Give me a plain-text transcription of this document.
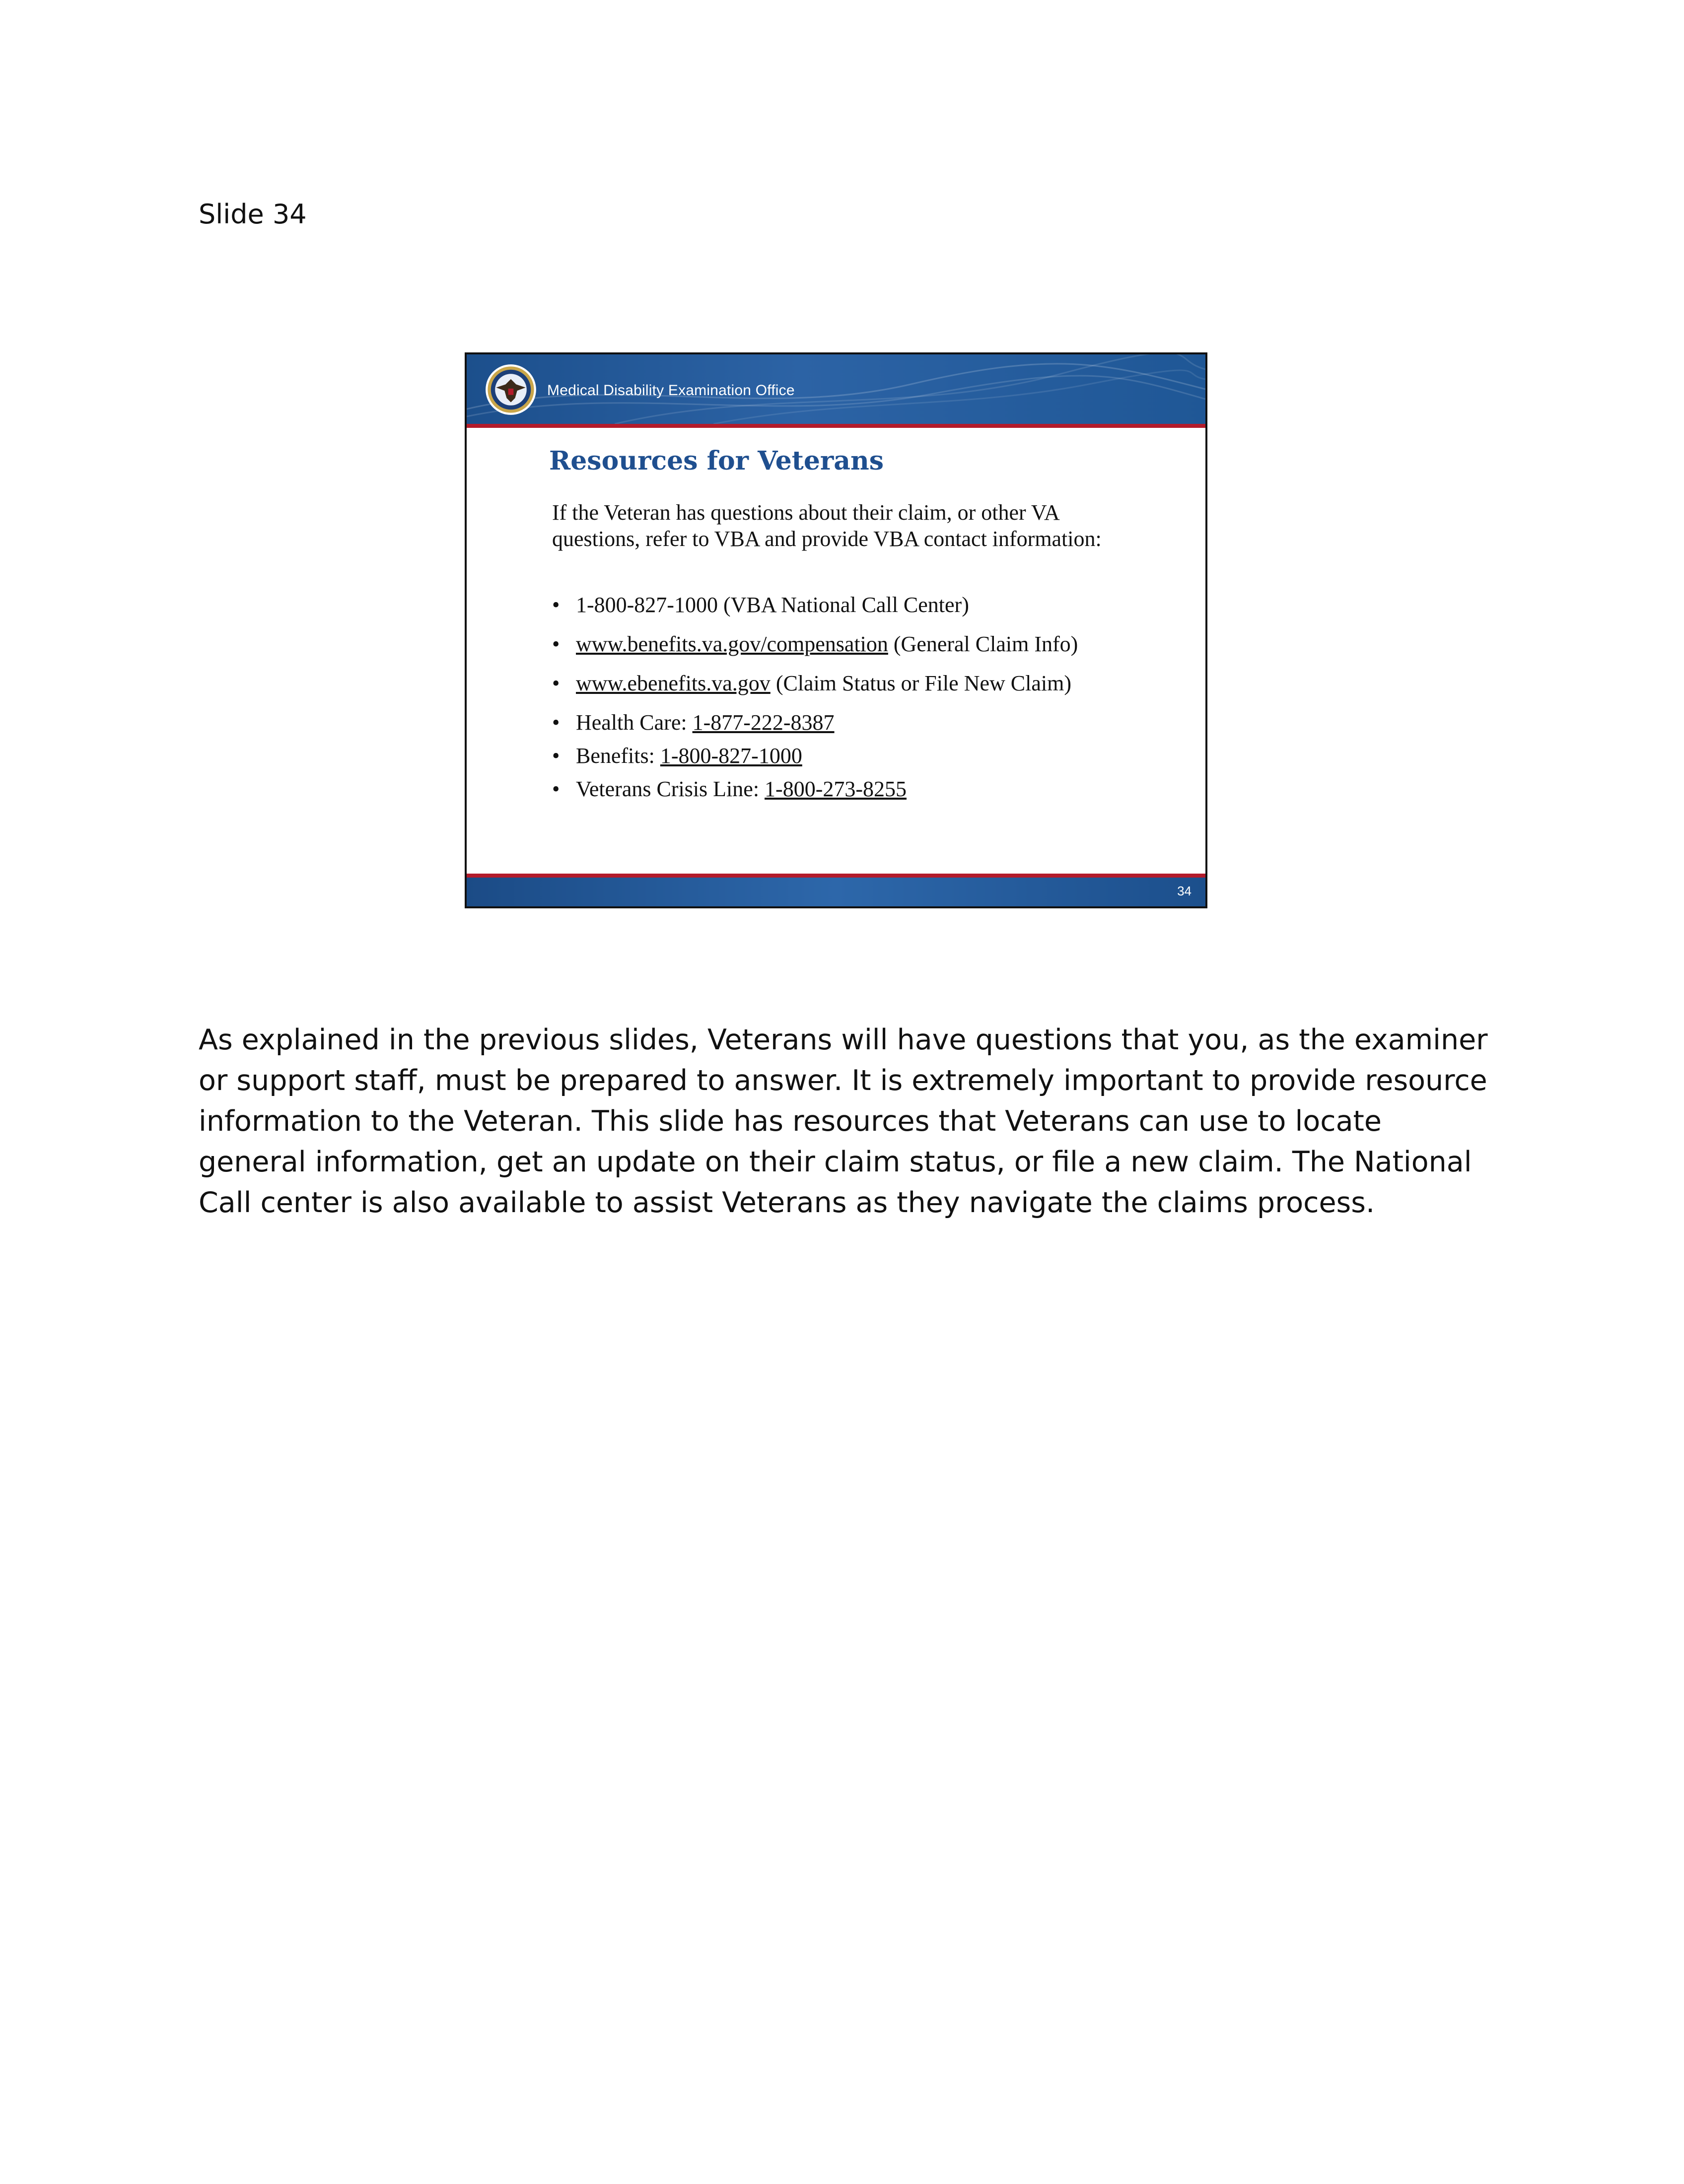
Slide 34
Medical Disability Examination Office
Resources for Veterans
If the Veteran has questions about their claim, or other VA questions, refer to VBA and provide VBA contact information:
• 1-800-827-1000 (VBA National Call Center)
• www.benefits.va.gov/compensation (General Claim Info)
• www.ebenefits.va.gov (Claim Status or File New Claim)
• Health Care: 1-877-222-8387
• Benefits: 1-800-827-1000
• Veterans Crisis Line: 1-800-273-8255
34
As explained in the previous slides, Veterans will have questions that you, as the examiner or support staff, must be prepared to answer. It is extremely important to provide resource information to the Veteran. This slide has resources that Veterans can use to locate general information, get an update on their claim status, or file a new claim. The National Call center is also available to assist Veterans as they navigate the claims process.
